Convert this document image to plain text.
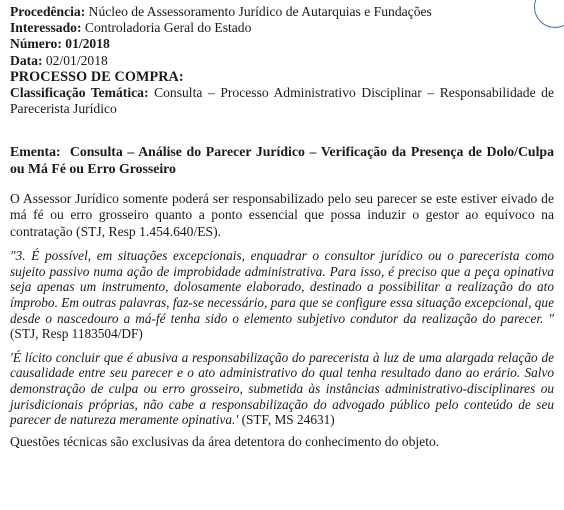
Procedência: Núcleo de Assessoramento Jurídico de Autarquias e Fundações

Interessado: Controladoria Geral do Estado

Número: 01/2018

Data: 02/01/2018

PROCESSO DE COMPRA:

Classificação Temática: Consulta – Processo Administrativo Disciplinar – Responsabilidade de Parecerista Jurídico

Ementa: Consulta – Análise do Parecer Jurídico – Verificação da Presença de Dolo/Culpa ou Má Fé ou Erro Grosseiro

O Assessor Jurídico somente poderá ser responsabilizado pelo seu parecer se este estiver eivado de má fé ou erro grosseiro quanto a ponto essencial que possa induzir o gestor ao equívoco na contratação (STJ, Resp 1.454.640/ES).

"3. É possível, em situações excepcionais, enquadrar o consultor jurídico ou o parecerista como sujeito passivo numa ação de improbidade administrativa. Para isso, é preciso que a peça opinativa seja apenas um instrumento, dolosamente elaborado, destinado a possibilitar a realização do ato ímprobo. Em outras palavras, faz-se necessário, para que se configure essa situação excepcional, que desde o nascedouro a má-fé tenha sido o elemento subjetivo condutor da realização do parecer. " (STJ, Resp 1183504/DF)

'É lícito concluir que é abusiva a responsabilização do parecerista à luz de uma alargada relação de causalidade entre seu parecer e o ato administrativo do qual tenha resultado dano ao erário. Salvo demonstração de culpa ou erro grosseiro, submetida às instâncias administrativo-disciplinares ou jurisdicionais próprias, não cabe a responsabilização do advogado público pelo conteúdo de seu parecer de natureza meramente opinativa.' (STF, MS 24631)

Questões técnicas são exclusivas da área detentora do conhecimento do objeto.
